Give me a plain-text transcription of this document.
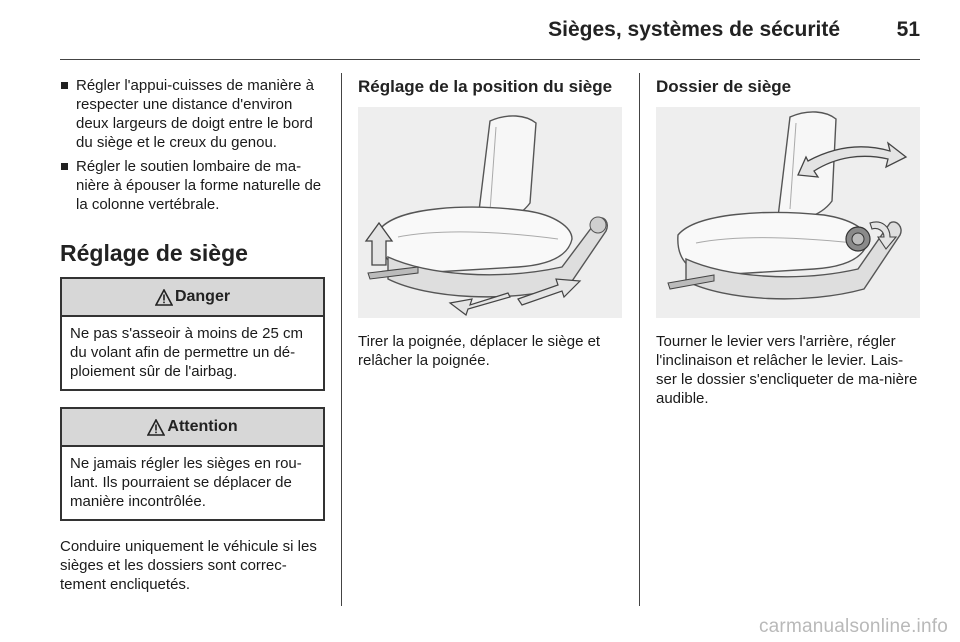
Sièges, systèmes de sécurité	51
Régler l'appui-cuisses de manière à respecter une distance d'environ deux largeurs de doigt entre le bord du siège et le creux du genou.
Régler le soutien lombaire de ma-nière à épouser la forme naturelle de la colonne vertébrale.
Réglage de siège
Danger
Ne pas s'asseoir à moins de 25 cm du volant afin de permettre un dé-ploiement sûr de l'airbag.
Attention
Ne jamais régler les sièges en rou-lant. Ils pourraient se déplacer de manière incontrôlée.

Conduire uniquement le véhicule si les sièges et les dossiers sont correc-tement encliquetés.

Réglage de la position du siège

Tirer la poignée, déplacer le siège et relâcher la poignée.

Dossier de siège

Tourner le levier vers l'arrière, régler l'inclinaison et relâcher le levier. Lais-ser le dossier s'encliqueter de ma-nière audible.

carmanualsonline.info
